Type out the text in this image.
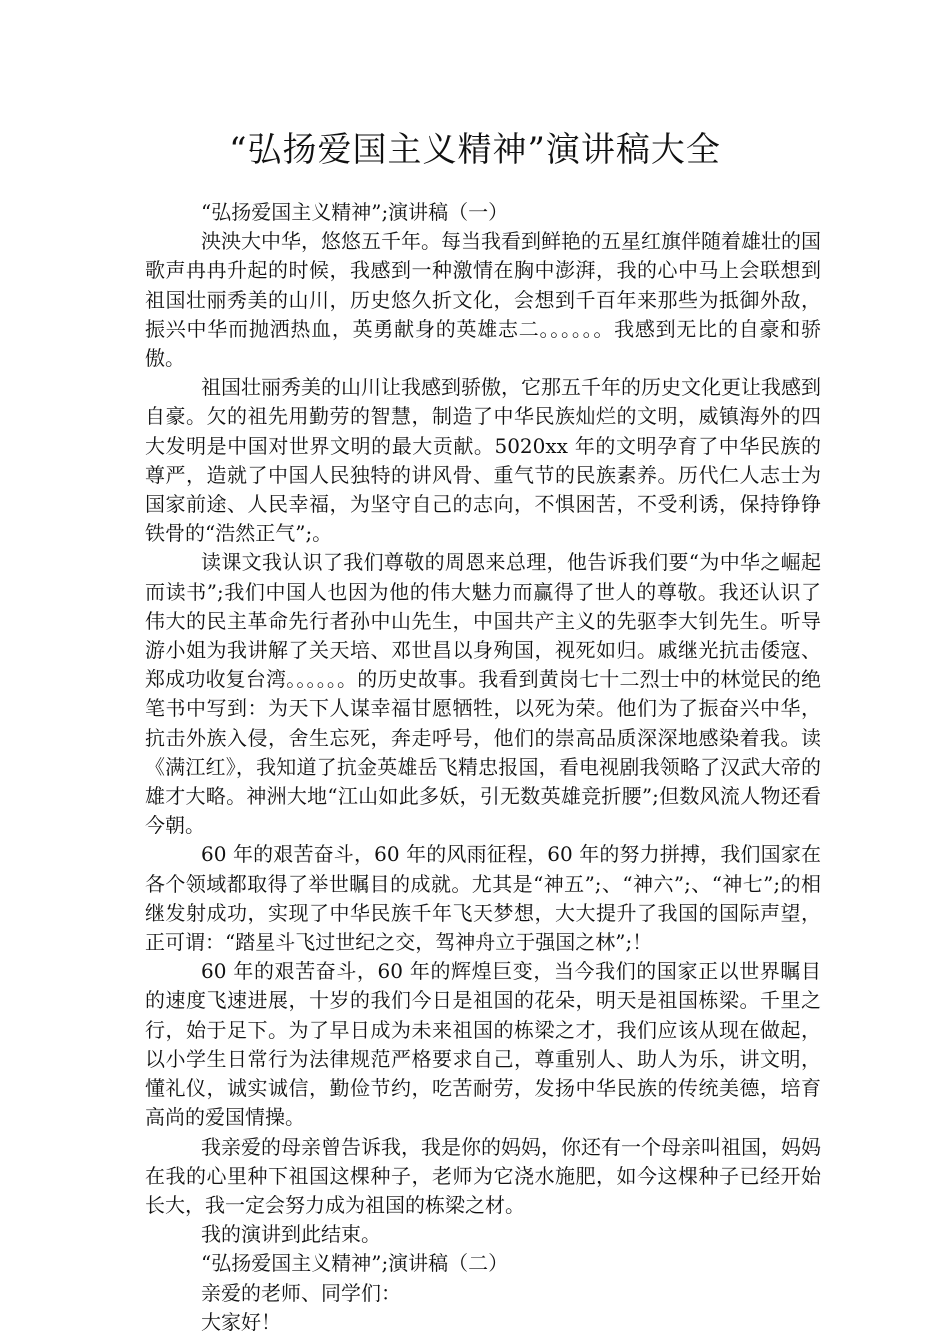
“弘扬爱国主义精神”演讲稿大全

“弘扬爱国主义精神”;演讲稿（一）

泱泱大中华，悠悠五千年。每当我看到鲜艳的五星红旗伴随着雄壮的国歌声冉冉升起的时候，我感到一种激情在胸中澎湃，我的心中马上会联想到祖国壮丽秀美的山川，历史悠久折文化，会想到千百年来那些为抵御外敌，振兴中华而抛洒热血，英勇献身的英雄志二。。。。。。我感到无比的自豪和骄傲。

祖国壮丽秀美的山川让我感到骄傲，它那五千年的历史文化更让我感到自豪。欠的祖先用勤劳的智慧，制造了中华民族灿烂的文明，威镇海外的四大发明是中国对世界文明的最大贡献。5020xx 年的文明孕育了中华民族的尊严，造就了中国人民独特的讲风骨、重气节的民族素养。历代仁人志士为国家前途、人民幸福，为坚守自己的志向，不惧困苦，不受利诱，保持铮铮铁骨的“浩然正气”;。

读课文我认识了我们尊敬的周恩来总理，他告诉我们要“为中华之崛起而读书”;我们中国人也因为他的伟大魅力而赢得了世人的尊敬。我还认识了伟大的民主革命先行者孙中山先生，中国共产主义的先驱李大钊先生。听导游小姐为我讲解了关天培、邓世昌以身殉国，视死如归。戚继光抗击倭寇、郑成功收复台湾。。。。。。的历史故事。我看到黄岗七十二烈士中的林觉民的绝笔书中写到：为天下人谋幸福甘愿牺牲，以死为荣。他们为了振奋兴中华，抗击外族入侵，舍生忘死，奔走呼号，他们的崇高品质深深地感染着我。读《满江红》，我知道了抗金英雄岳飞精忠报国，看电视剧我领略了汉武大帝的雄才大略。神洲大地“江山如此多妖，引无数英雄竞折腰”;但数风流人物还看今朝。

60 年的艰苦奋斗，60 年的风雨征程，60 年的努力拼搏，我们国家在各个领域都取得了举世瞩目的成就。尤其是“神五”;、“神六”;、“神七”;的相继发射成功，实现了中华民族千年飞天梦想，大大提升了我国的国际声望，正可谓：“踏星斗飞过世纪之交，驾神舟立于强国之林”;！

60 年的艰苦奋斗，60 年的辉煌巨变，当今我们的国家正以世界瞩目的速度飞速进展，十岁的我们今日是祖国的花朵，明天是祖国栋梁。千里之行，始于足下。为了早日成为未来祖国的栋梁之才，我们应该从现在做起，以小学生日常行为法律规范严格要求自己，尊重别人、助人为乐，讲文明，懂礼仪，诚实诚信，勤俭节约，吃苦耐劳，发扬中华民族的传统美德，培育高尚的爱国情操。

我亲爱的母亲曾告诉我，我是你的妈妈，你还有一个母亲叫祖国，妈妈在我的心里种下祖国这棵种子，老师为它浇水施肥，如今这棵种子已经开始长大，我一定会努力成为祖国的栋梁之材。

我的演讲到此结束。

“弘扬爱国主义精神”;演讲稿（二）

亲爱的老师、同学们：

大家好！
